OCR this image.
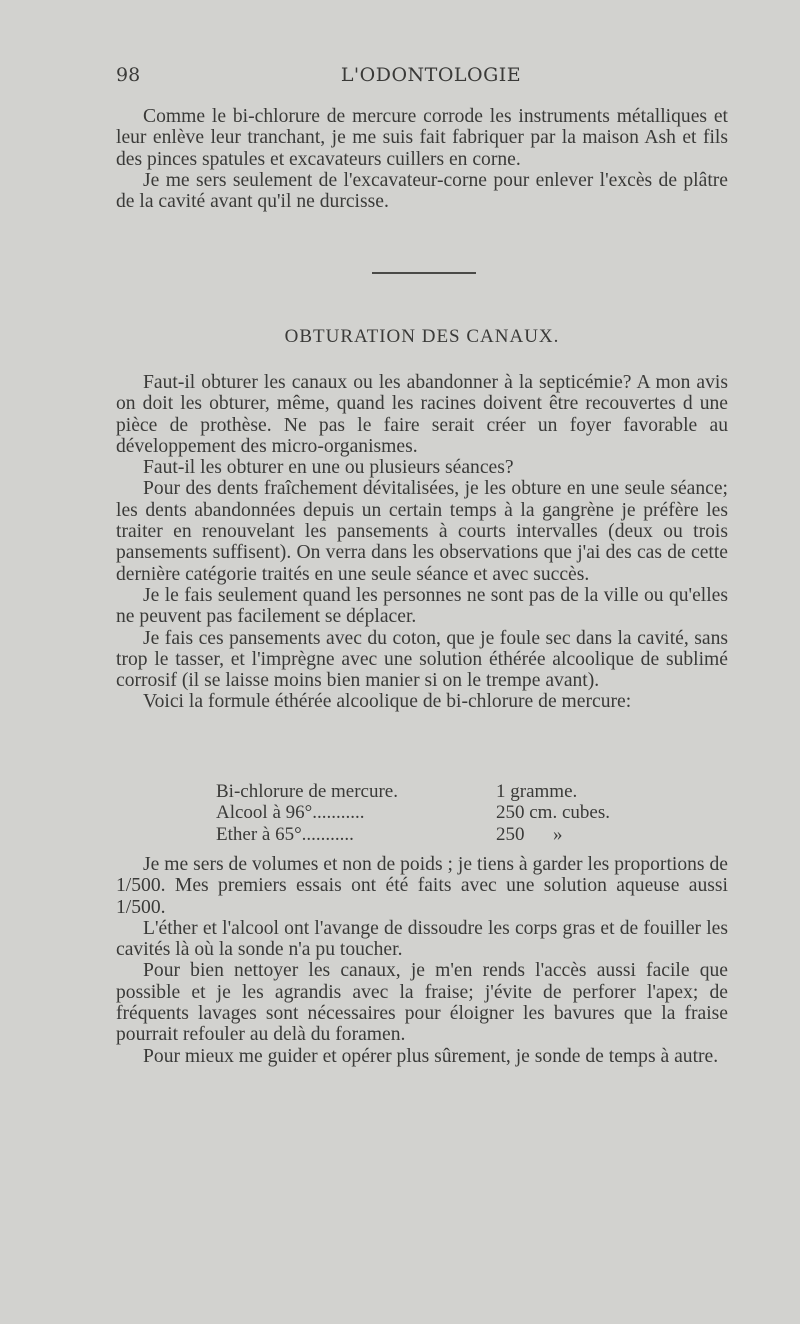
98	L'ODONTOLOGIE

Comme le bi-chlorure de mercure corrode les instruments métalliques et leur enlève leur tranchant, je me suis fait fabriquer par la maison Ash et fils des pinces spatules et excavateurs cuillers en corne.

Je me sers seulement de l'excavateur-corne pour enlever l'excès de plâtre de la cavité avant qu'il ne durcisse.

OBTURATION DES CANAUX.

Faut-il obturer les canaux ou les abandonner à la septicémie? A mon avis on doit les obturer, même, quand les racines doivent être recouvertes d une pièce de prothèse. Ne pas le faire serait créer un foyer favorable au développement des micro-organismes.

Faut-il les obturer en une ou plusieurs séances?

Pour des dents fraîchement dévitalisées, je les obture en une seule séance; les dents abandonnées depuis un certain temps à la gangrène je préfère les traiter en renouvelant les pansements à courts intervalles (deux ou trois pansements suffisent). On verra dans les observations que j'ai des cas de cette dernière catégorie traités en une seule séance et avec succès.

Je le fais seulement quand les personnes ne sont pas de la ville ou qu'elles ne peuvent pas facilement se déplacer.

Je fais ces pansements avec du coton, que je foule sec dans la cavité, sans trop le tasser, et l'imprègne avec une solution éthérée alcoolique de sublimé corrosif (il se laisse moins bien manier si on le trempe avant).

Voici la formule éthérée alcoolique de bi-chlorure de mercure:

Bi-chlorure de mercure.	1 gramme.
Alcool à 96°...........	250 cm. cubes.
Ether à 65°...........	250      »

Je me sers de volumes et non de poids ; je tiens à garder les proportions de 1/500. Mes premiers essais ont été faits avec une solution aqueuse aussi 1/500.

L'éther et l'alcool ont l'avange de dissoudre les corps gras et de fouiller les cavités là où la sonde n'a pu toucher.

Pour bien nettoyer les canaux, je m'en rends l'accès aussi facile que possible et je les agrandis avec la fraise; j'évite de perforer l'apex; de fréquents lavages sont nécessaires pour éloigner les bavures que la fraise pourrait refouler au delà du foramen.

Pour mieux me guider et opérer plus sûrement, je sonde de temps à autre.
